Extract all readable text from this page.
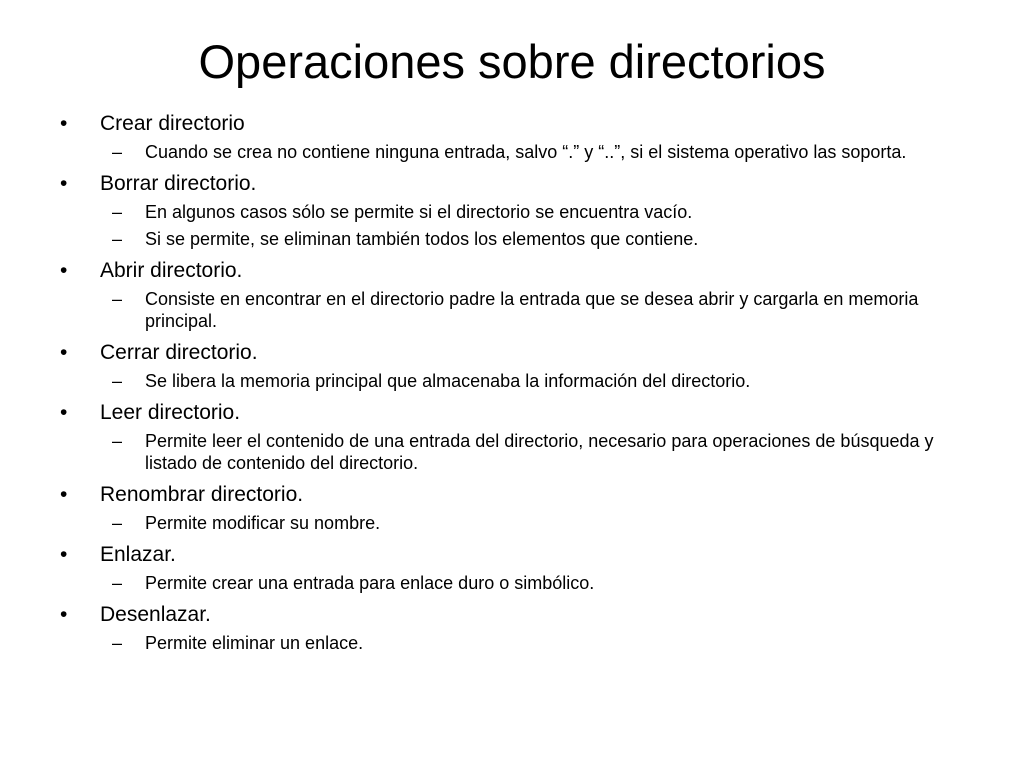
Operaciones sobre directorios
•	Crear directorio
– Cuando se crea no contiene ninguna entrada, salvo “.” y “..”, si el sistema operativo las soporta.
•	Borrar directorio.
– En algunos casos sólo se permite si el directorio se encuentra vacío.
– Si se permite, se eliminan también todos los elementos que contiene.
•	Abrir directorio.
– Consiste en encontrar en el directorio padre la entrada que se desea abrir y cargarla en memoria principal.
•	Cerrar directorio.
– Se libera la memoria principal que almacenaba la información del directorio.
•	Leer directorio.
– Permite leer el contenido de una entrada del directorio, necesario para operaciones de búsqueda y listado de contenido del directorio.
•	Renombrar directorio.
– Permite modificar su nombre.
•	Enlazar.
– Permite crear una entrada para enlace duro o simbólico.
•	Desenlazar.
– Permite eliminar un enlace.
